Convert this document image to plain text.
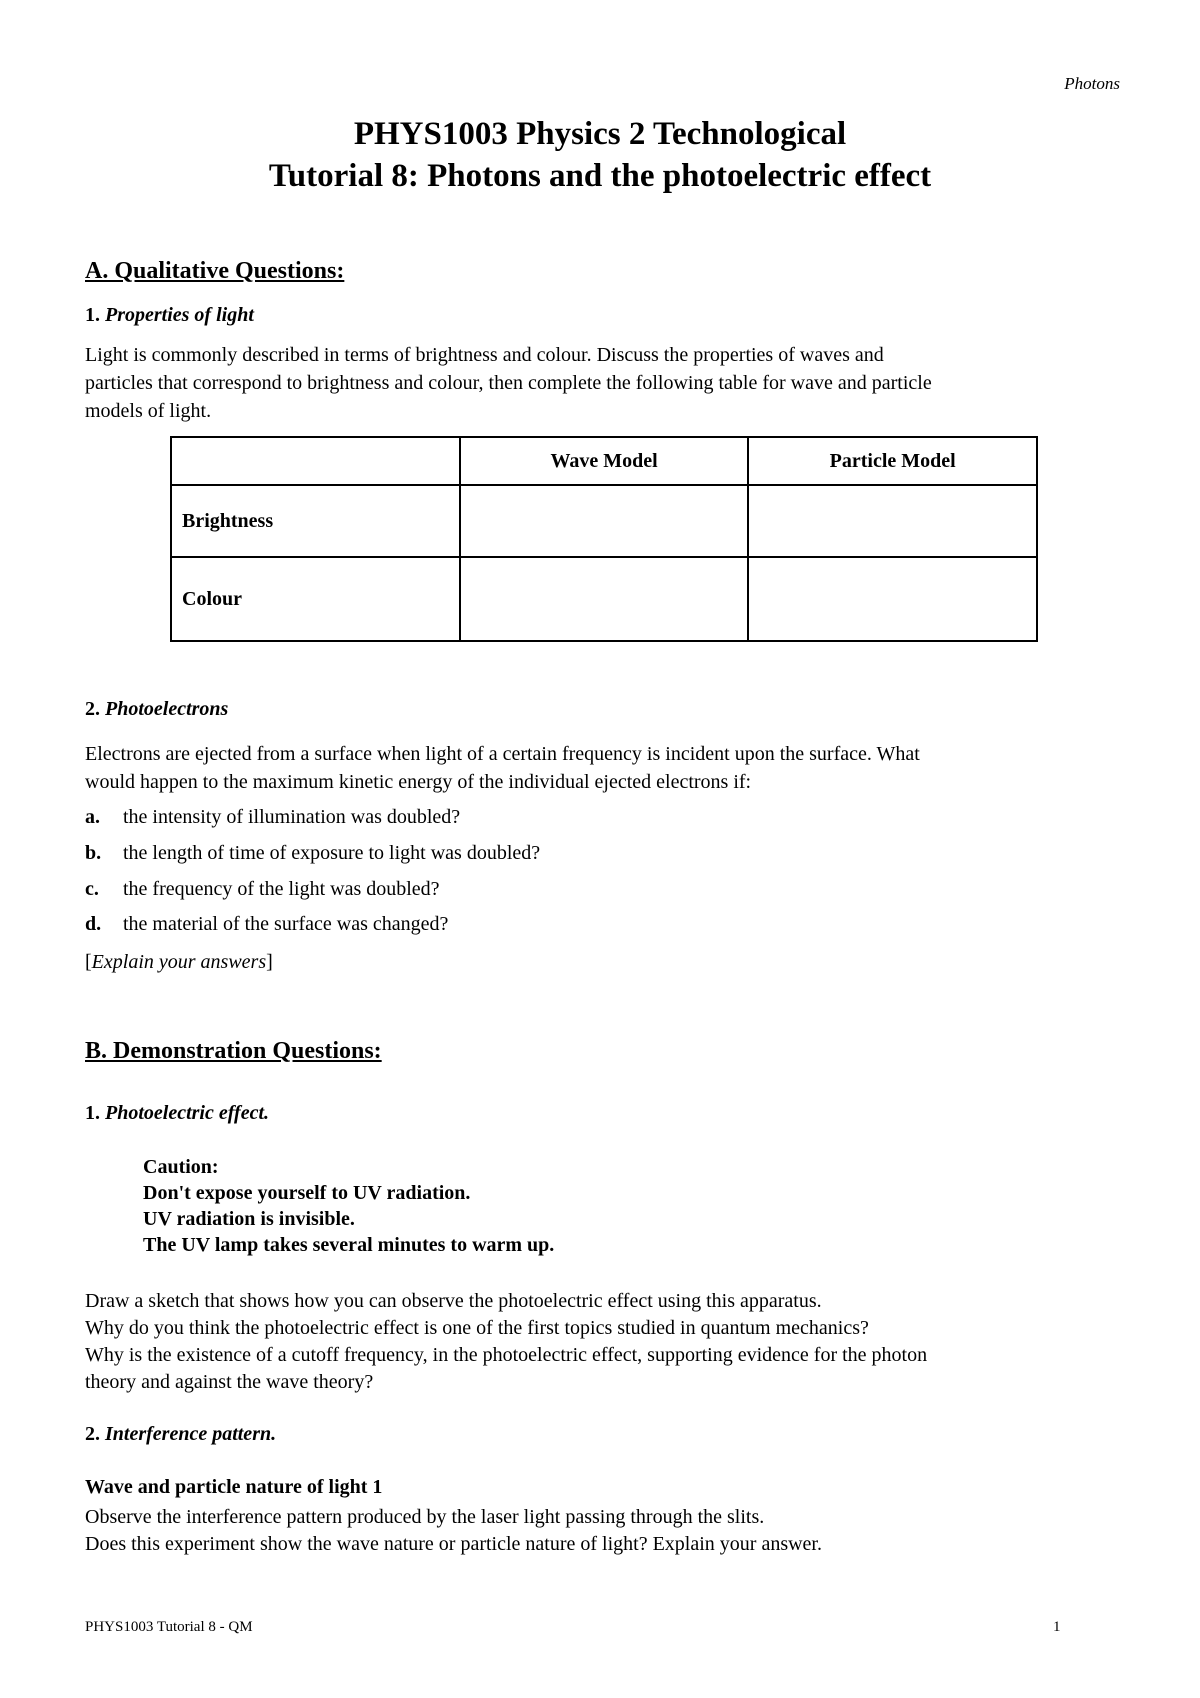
Photons
PHYS1003 Physics 2 Technological
Tutorial 8: Photons and the photoelectric effect
A. Qualitative Questions:
1. Properties of light
Light is commonly described in terms of brightness and colour. Discuss the properties of waves and
particles that correspond to brightness and colour, then complete the following table for wave and particle
models of light.
	Wave Model	Particle Model
Brightness		
Colour		
2. Photoelectrons
Electrons are ejected from a surface when light of a certain frequency is incident upon the surface. What
would happen to the maximum kinetic energy of the individual ejected electrons if:
a. the intensity of illumination was doubled?
b. the length of time of exposure to light was doubled?
c. the frequency of the light was doubled?
d. the material of the surface was changed?
[Explain your answers]
B. Demonstration Questions:
1. Photoelectric effect.
Caution:
Don't expose yourself to UV radiation.
UV radiation is invisible.
The UV lamp takes several minutes to warm up.
Draw a sketch that shows how you can observe the photoelectric effect using this apparatus.
Why do you think the photoelectric effect is one of the first topics studied in quantum mechanics?
Why is the existence of a cutoff frequency, in the photoelectric effect, supporting evidence for the photon
theory and against the wave theory?
2. Interference pattern.
Wave and particle nature of light 1
Observe the interference pattern produced by the laser light passing through the slits.
Does this experiment show the wave nature or particle nature of light? Explain your answer.
PHYS1003 Tutorial 8 - QM	1
